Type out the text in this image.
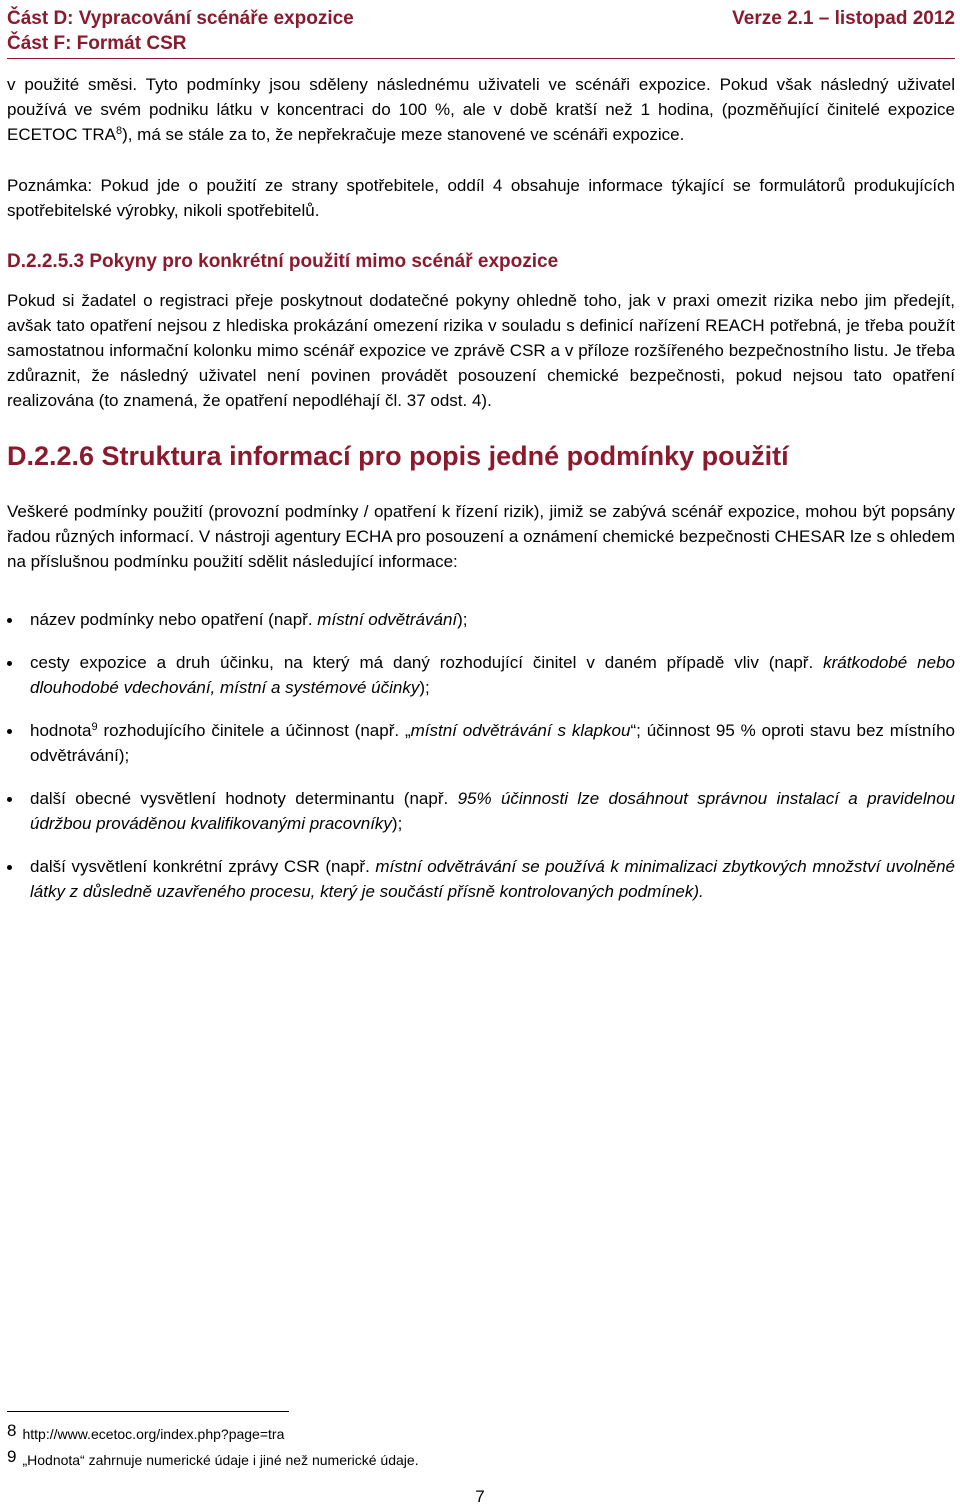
Část D: Vypracování scénáře expozice	Verze 2.1 – listopad 2012
Část F: Formát CSR

v použité směsi. Tyto podmínky jsou sděleny následnému uživateli ve scénáři expozice. Pokud však následný uživatel používá ve svém podniku látku v koncentraci do 100 %, ale v době kratší než 1 hodina, (pozměňující činitelé expozice ECETOC TRA$^8$), má se stále za to, že nepřekračuje meze stanovené ve scénáři expozice.

Poznámka: Pokud jde o použití ze strany spotřebitele, oddíl 4 obsahuje informace týkající se formulátorů produkujících spotřebitelské výrobky, nikoli spotřebitelů.

D.2.2.5.3 Pokyny pro konkrétní použití mimo scénář expozice

Pokud si žadatel o registraci přeje poskytnout dodatečné pokyny ohledně toho, jak v praxi omezit rizika nebo jim předejít, avšak tato opatření nejsou z hlediska prokázání omezení rizika v souladu s definicí nařízení REACH potřebná, je třeba použít samostatnou informační kolonku mimo scénář expozice ve zprávě CSR a v příloze rozšířeného bezpečnostního listu. Je třeba zdůraznit, že následný uživatel není povinen provádět posouzení chemické bezpečnosti, pokud nejsou tato opatření realizována (to znamená, že opatření nepodléhají čl. 37 odst. 4).

D.2.2.6 Struktura informací pro popis jedné podmínky použití

Veškeré podmínky použití (provozní podmínky / opatření k řízení rizik), jimiž se zabývá scénář expozice, mohou být popsány řadou různých informací. V nástroji agentury ECHA pro posouzení a oznámení chemické bezpečnosti CHESAR lze s ohledem na příslušnou podmínku použití sdělit následující informace:

název podmínky nebo opatření (např. místní odvětrávání);
cesty expozice a druh účinku, na který má daný rozhodující činitel v daném případě vliv (např. krátkodobé nebo dlouhodobé vdechování, místní a systémové účinky);
hodnota$^9$ rozhodujícího činitele a účinnost (např. „místní odvětrávání s klapkou“; účinnost 95 % oproti stavu bez místního odvětrávání);
další obecné vysvětlení hodnoty determinantu (např. 95% účinnosti lze dosáhnout správnou instalací a pravidelnou údržbou prováděnou kvalifikovanými pracovníky);
další vysvětlení konkrétní zprávy CSR (např. místní odvětrávání se používá k minimalizaci zbytkových množství uvolněné látky z důsledně uzavřeného procesu, který je součástí přísně kontrolovaných podmínek).
8 http://www.ecetoc.org/index.php?page=tra
9 „Hodnota“ zahrnuje numerické údaje i jiné než numerické údaje.
7
